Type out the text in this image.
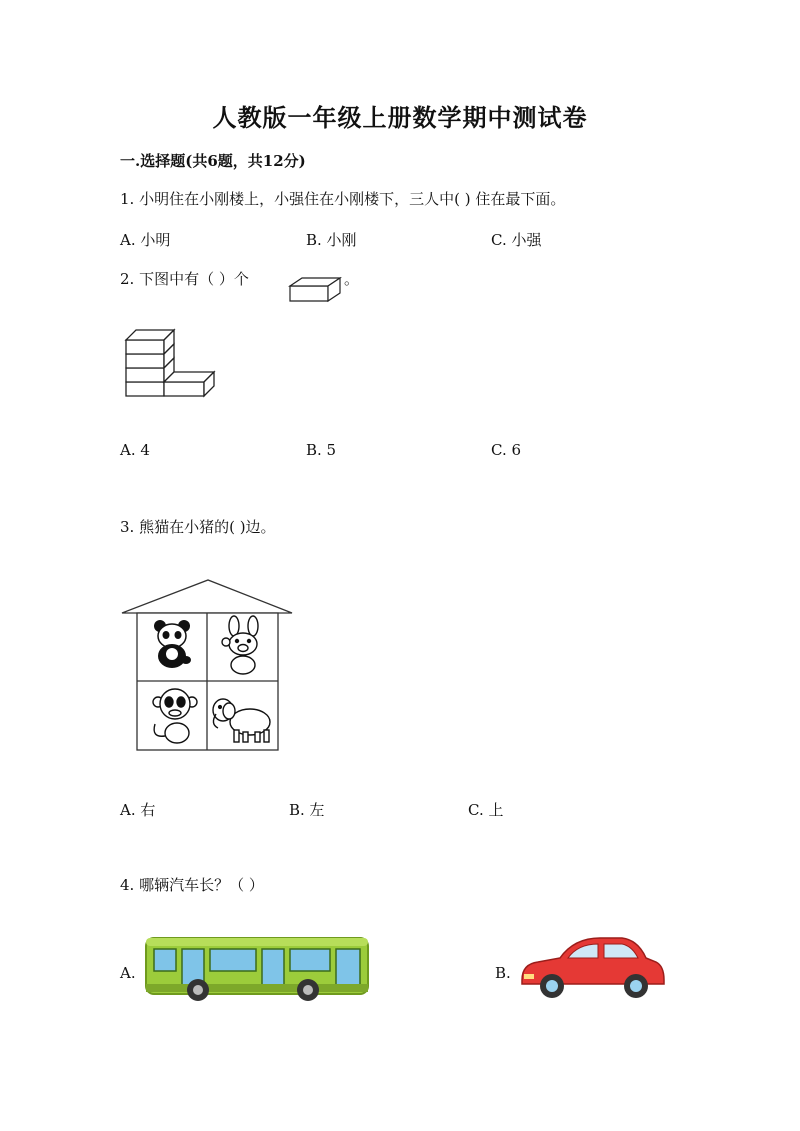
人教版一年级上册数学期中测试卷
一.选择题(共6题，共12分)
1. 小明住在小刚楼上，小强住在小刚楼下，三人中( ) 住在最下面。
A. 小明	B. 小刚	C. 小强
2. 下图中有（ ）个	。
A. 4	B. 5	C. 6
3. 熊猫在小猪的( )边。
A. 右	B. 左	C. 上
4. 哪辆汽车长？（ ）
A.	B.
